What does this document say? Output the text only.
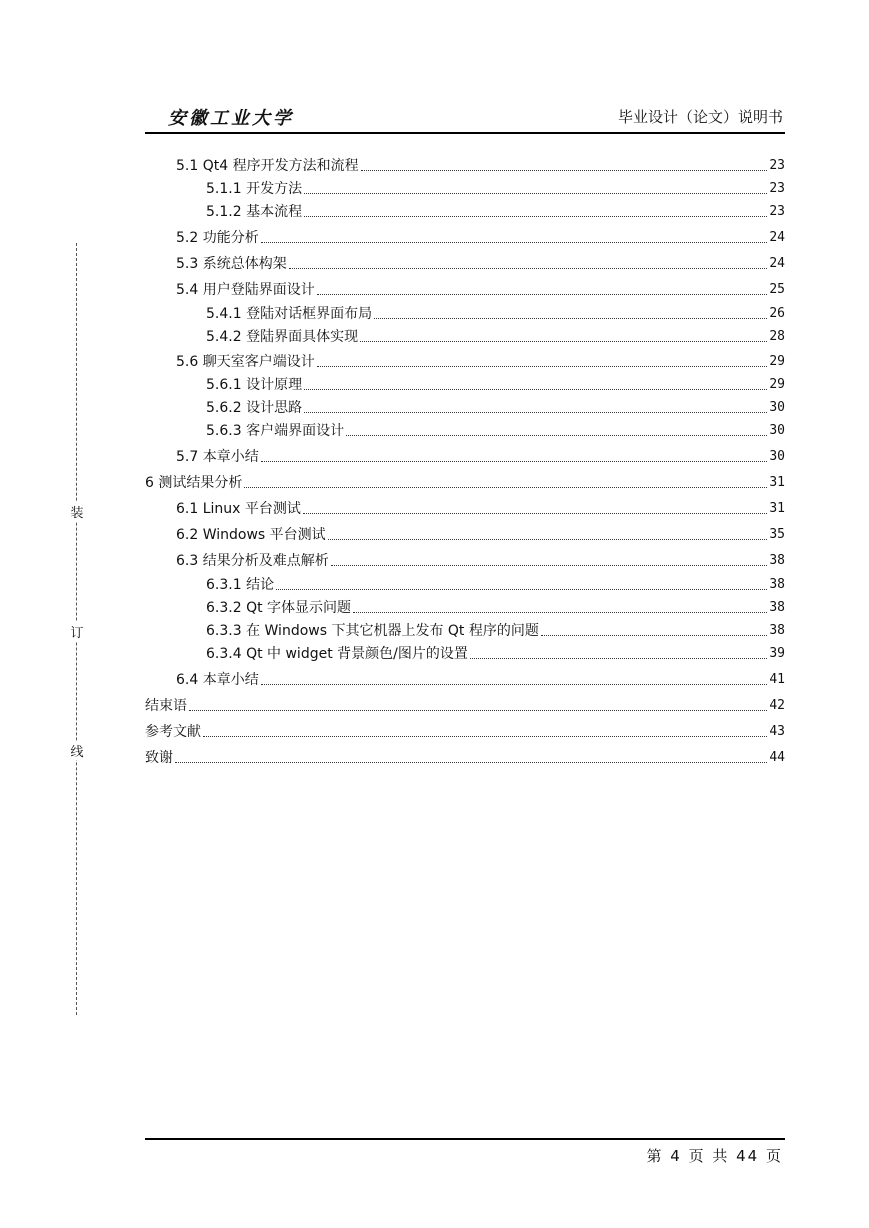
安徽工业大学	毕业设计（论文）说明书
装
订
线
5.1 Qt4 程序开发方法和流程	23
5.1.1 开发方法	23
5.1.2 基本流程	23
5.2 功能分析	24
5.3 系统总体构架	24
5.4 用户登陆界面设计	25
5.4.1 登陆对话框界面布局	26
5.4.2 登陆界面具体实现	28
5.6 聊天室客户端设计	29
5.6.1 设计原理	29
5.6.2 设计思路	30
5.6.3 客户端界面设计	30
5.7 本章小结	30
6 测试结果分析	31
6.1 Linux 平台测试	31
6.2 Windows 平台测试	35
6.3 结果分析及难点解析	38
6.3.1 结论	38
6.3.2 Qt 字体显示问题	38
6.3.3 在 Windows 下其它机器上发布 Qt 程序的问题	38
6.3.4 Qt 中 widget 背景颜色/图片的设置	39
6.4 本章小结	41
结束语	42
参考文献	43
致谢	44
第 4 页 共 44 页
